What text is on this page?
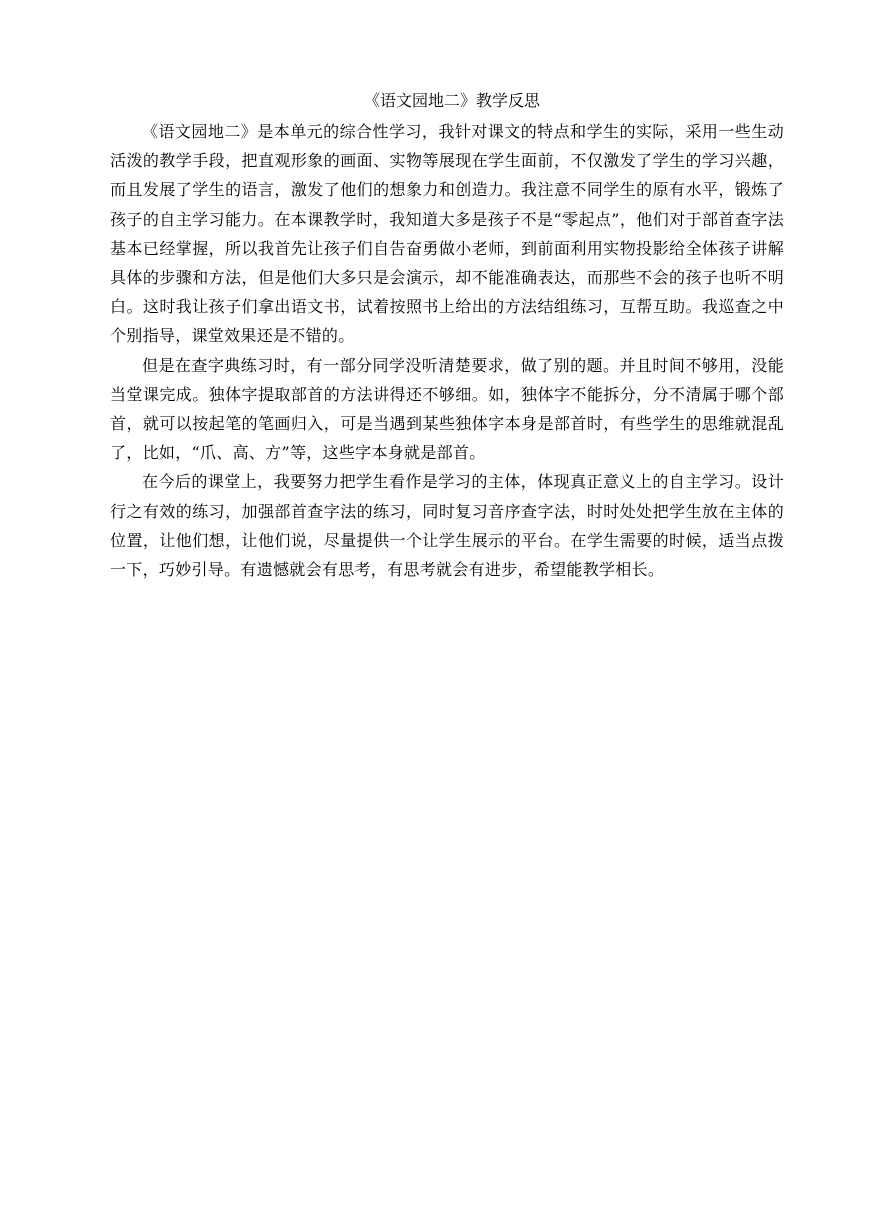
《语文园地二》教学反思

《语文园地二》是本单元的综合性学习，我针对课文的特点和学生的实际，采用一些生动活泼的教学手段，把直观形象的画面、实物等展现在学生面前，不仅激发了学生的学习兴趣，而且发展了学生的语言，激发了他们的想象力和创造力。我注意不同学生的原有水平，锻炼了孩子的自主学习能力。在本课教学时，我知道大多是孩子不是“零起点”，他们对于部首查字法基本已经掌握，所以我首先让孩子们自告奋勇做小老师，到前面利用实物投影给全体孩子讲解具体的步骤和方法，但是他们大多只是会演示，却不能准确表达，而那些不会的孩子也听不明白。这时我让孩子们拿出语文书，试着按照书上给出的方法结组练习，互帮互助。我巡查之中个别指导，课堂效果还是不错的。

但是在查字典练习时，有一部分同学没听清楚要求，做了别的题。并且时间不够用，没能当堂课完成。独体字提取部首的方法讲得还不够细。如，独体字不能拆分，分不清属于哪个部首，就可以按起笔的笔画归入，可是当遇到某些独体字本身是部首时，有些学生的思维就混乱了，比如，“爪、高、方”等，这些字本身就是部首。

在今后的课堂上，我要努力把学生看作是学习的主体，体现真正意义上的自主学习。设计行之有效的练习，加强部首查字法的练习，同时复习音序查字法，时时处处把学生放在主体的位置，让他们想，让他们说，尽量提供一个让学生展示的平台。在学生需要的时候，适当点拨一下，巧妙引导。有遗憾就会有思考，有思考就会有进步，希望能教学相长。
